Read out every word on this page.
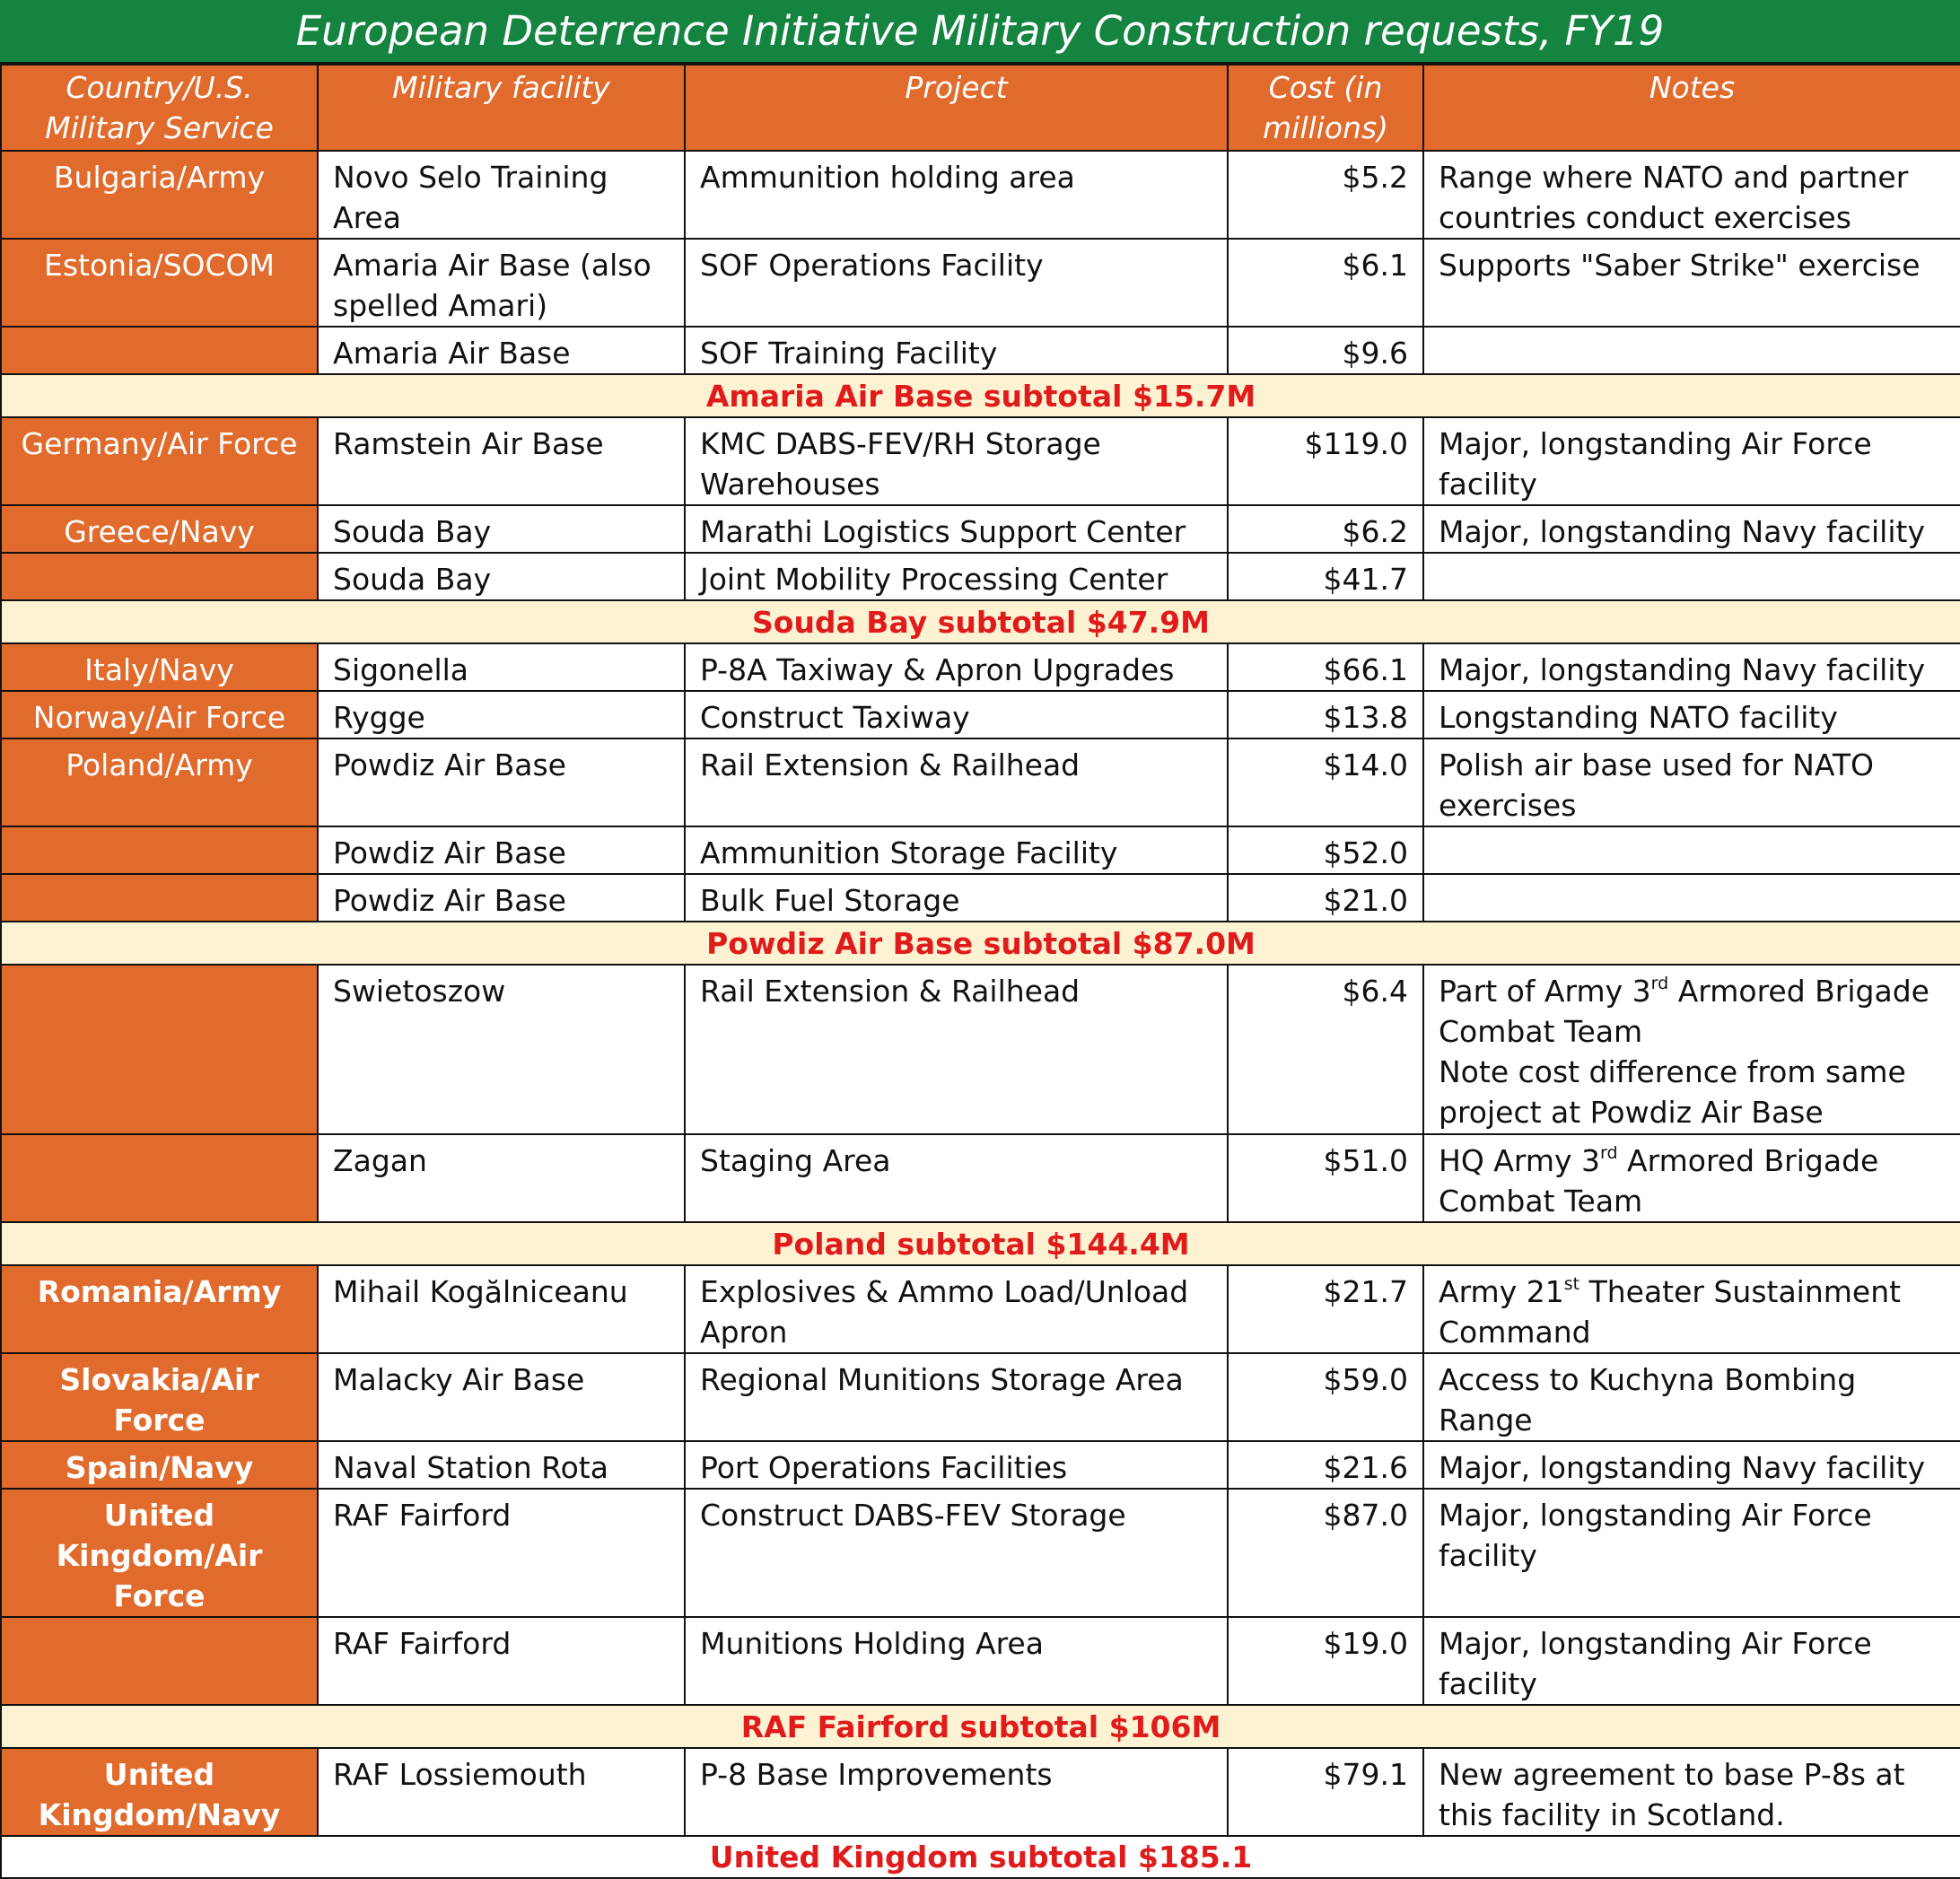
European Deterrence Initiative Military Construction requests, FY19
Country/U.S. Military Service	Military facility	Project	Cost (in millions)	Notes
Bulgaria/Army	Novo Selo Training Area	Ammunition holding area	$5.2	Range where NATO and partner countries conduct exercises
Estonia/SOCOM	Amaria Air Base (also spelled Amari)	SOF Operations Facility	$6.1	Supports "Saber Strike" exercise
	Amaria Air Base	SOF Training Facility	$9.6	
Amaria Air Base subtotal $15.7M				
Germany/Air Force	Ramstein Air Base	KMC DABS-FEV/RH Storage Warehouses	$119.0	Major, longstanding Air Force facility
Greece/Navy	Souda Bay	Marathi Logistics Support Center	$6.2	Major, longstanding Navy facility
	Souda Bay	Joint Mobility Processing Center	$41.7	
Souda Bay subtotal $47.9M				
Italy/Navy	Sigonella	P-8A Taxiway & Apron Upgrades	$66.1	Major, longstanding Navy facility
Norway/Air Force	Rygge	Construct Taxiway	$13.8	Longstanding NATO facility
Poland/Army	Powdiz Air Base	Rail Extension & Railhead	$14.0	Polish air base used for NATO exercises
	Powdiz Air Base	Ammunition Storage Facility	$52.0	
	Powdiz Air Base	Bulk Fuel Storage	$21.0	
Powdiz Air Base subtotal $87.0M				
	Swietoszow	Rail Extension & Railhead	$6.4	Part of Army 3rd Armored Brigade Combat Team
Note cost difference from same project at Powdiz Air Base
	Zagan	Staging Area	$51.0	HQ Army 3rd Armored Brigade Combat Team
Poland subtotal $144.4M				
Romania/Army	Mihail Kogălniceanu	Explosives & Ammo Load/Unload Apron	$21.7	Army 21st Theater Sustainment Command
Slovakia/Air Force	Malacky Air Base	Regional Munitions Storage Area	$59.0	Access to Kuchyna Bombing Range
Spain/Navy	Naval Station Rota	Port Operations Facilities	$21.6	Major, longstanding Navy facility
United Kingdom/Air Force	RAF Fairford	Construct DABS-FEV Storage	$87.0	Major, longstanding Air Force facility
	RAF Fairford	Munitions Holding Area	$19.0	Major, longstanding Air Force facility
RAF Fairford subtotal $106M				
United Kingdom/Navy	RAF Lossiemouth	P-8 Base Improvements	$79.1	New agreement to base P-8s at this facility in Scotland.
United Kingdom subtotal $185.1				
